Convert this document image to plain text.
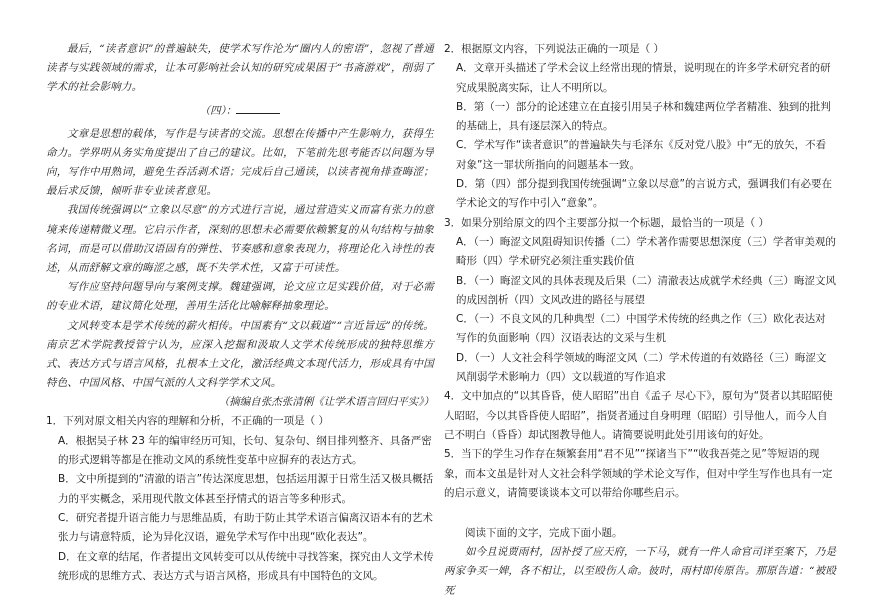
最后，“读者意识”的普遍缺失，使学术写作沦为“圈内人的密语”，忽视了普通读者与实践领域的需求，让本可影响社会认知的研究成果困于“书斋游戏”，削弱了学术的社会影响力。

（四）：

文章是思想的载体，写作是与读者的交流。思想在传播中产生影响力，获得生命力。学界明从务实角度提出了自己的建议。比如，下笔前先思考能否以问题为导向，写作中用熟词，避免生吞活剥术语；完成后自己通读，以读者视角排查晦涩；最后求反馈，倾听非专业读者意见。

我国传统强调以“立象以尽意”的方式进行言说，通过营造实义而富有张力的意境来传递精微义理。它启示作者，深刻的思想未必需要依赖繁复的从句结构与抽象名词，而是可以借助汉语固有的弹性、节奏感和意象表现力，将理论化入诗性的表述，从而舒解文章的晦涩之感，既不失学术性，又富于可读性。

写作应坚持问题导向与案例支撑。魏建强调，论文应立足实践价值，对于必需的专业术语，建议简化处理，善用生活化比喻解释抽象理论。

文风转变本是学术传统的薪火相传。中国素有“文以载道”“言近旨远”的传统。南京艺术学院教授管宁认为，应深入挖掘和汲取人文学术传统形成的独特思维方式、表达方式与语言风格，扎根本土文化，激活经典文本现代活力，形成具有中国特色、中国风格、中国气派的人文科学学术文风。

（摘编自张杰张清俐《让学术语言回归平实》）

1．下列对原文相关内容的理解和分析，不正确的一项是（ ）
A．根据吴子林 23 年的编审经历可知，长句、复杂句、纲目排列整齐、具备严密的形式逻辑等都是在推动文风的系统性变革中应摒弃的表达方式。
B．文中所提到的“清澈的语言”传达深度思想，包括运用源于日常生活又极具概括力的平实概念，采用现代散文体甚至抒情式的语言等多种形式。
C．研究者提升语言能力与思维品质，有助于防止其学术语言偏离汉语本有的艺术张力与请意特质，论为异化汉语，避免学术写作中出现“欧化表达”。
D．在文章的结尾，作者提出文风转变可以从传统中寻找答案，探究由人文学术传统形成的思维方式、表达方式与语言风格，形成具有中国特色的文风。
2．根据原文内容，下列说法正确的一项是（ ）
A．文章开头描述了学术会议上经常出现的情景，说明现在的许多学术研究者的研究成果脱离实际，让人不明所以。
B．第（一）部分的论述建立在直接引用吴子林和魏建两位学者精准、独到的批判的基础上，具有逐层深入的特点。
C．学术写作“读者意识”的普遍缺失与毛泽东《反对党八股》中“无的放矢，不看对象”这一罪状所指向的问题基本一致。
D．第（四）部分提到我国传统强调“立象以尽意”的言说方式，强调我们有必要在学术论文的写作中引入“意象”。
3．如果分别给原文的四个主要部分拟一个标题，最恰当的一项是（ ）
A．（一）晦涩文风阻碍知识传播（二）学术著作需要思想深度（三）学者审美观的畸形（四）学术研究必须注重实践价值
B．（一）晦涩文风的具体表现及后果（二）清澈表达成就学术经典（三）晦涩文风的成因剖析（四）文风改进的路径与展望
C．（一）不良文风的几种典型（二）中国学术传统的经典之作（三）欧化表达对写作的负面影响（四）汉语表达的文采与生机
D．（一）人文社会科学领域的晦涩文风（二）学术传道的有效路径（三）晦涩文风削弱学术影响力（四）文以载道的写作追求
4．文中加点的“以其昏昏，使人昭昭”出自《孟子 尽心下》，原句为“贤者以其昭昭使人昭昭，今以其昏昏使人昭昭”，指贤者通过自身明理（昭昭）引导他人，而今人自己不明白（昏昏）却试图教导他人。请简要说明此处引用该句的好处。
5．当下的学生习作存在频繁套用“君不见”“探诸当下”“收我吾莞之见”等短语的现象，而本文虽是针对人文社会科学领域的学术论文写作，但对中学生写作也具有一定的启示意义，请简要谈谈本文可以带给你哪些启示。

阅读下面的文字，完成下面小题。

如今且说贾雨村，因补授了应天府，一下马，就有一件人命官司详至案下，乃是两家争买一婢，各不相让，以至殴伤人命。彼时，雨村即传原告。那原告道：“被殴死
